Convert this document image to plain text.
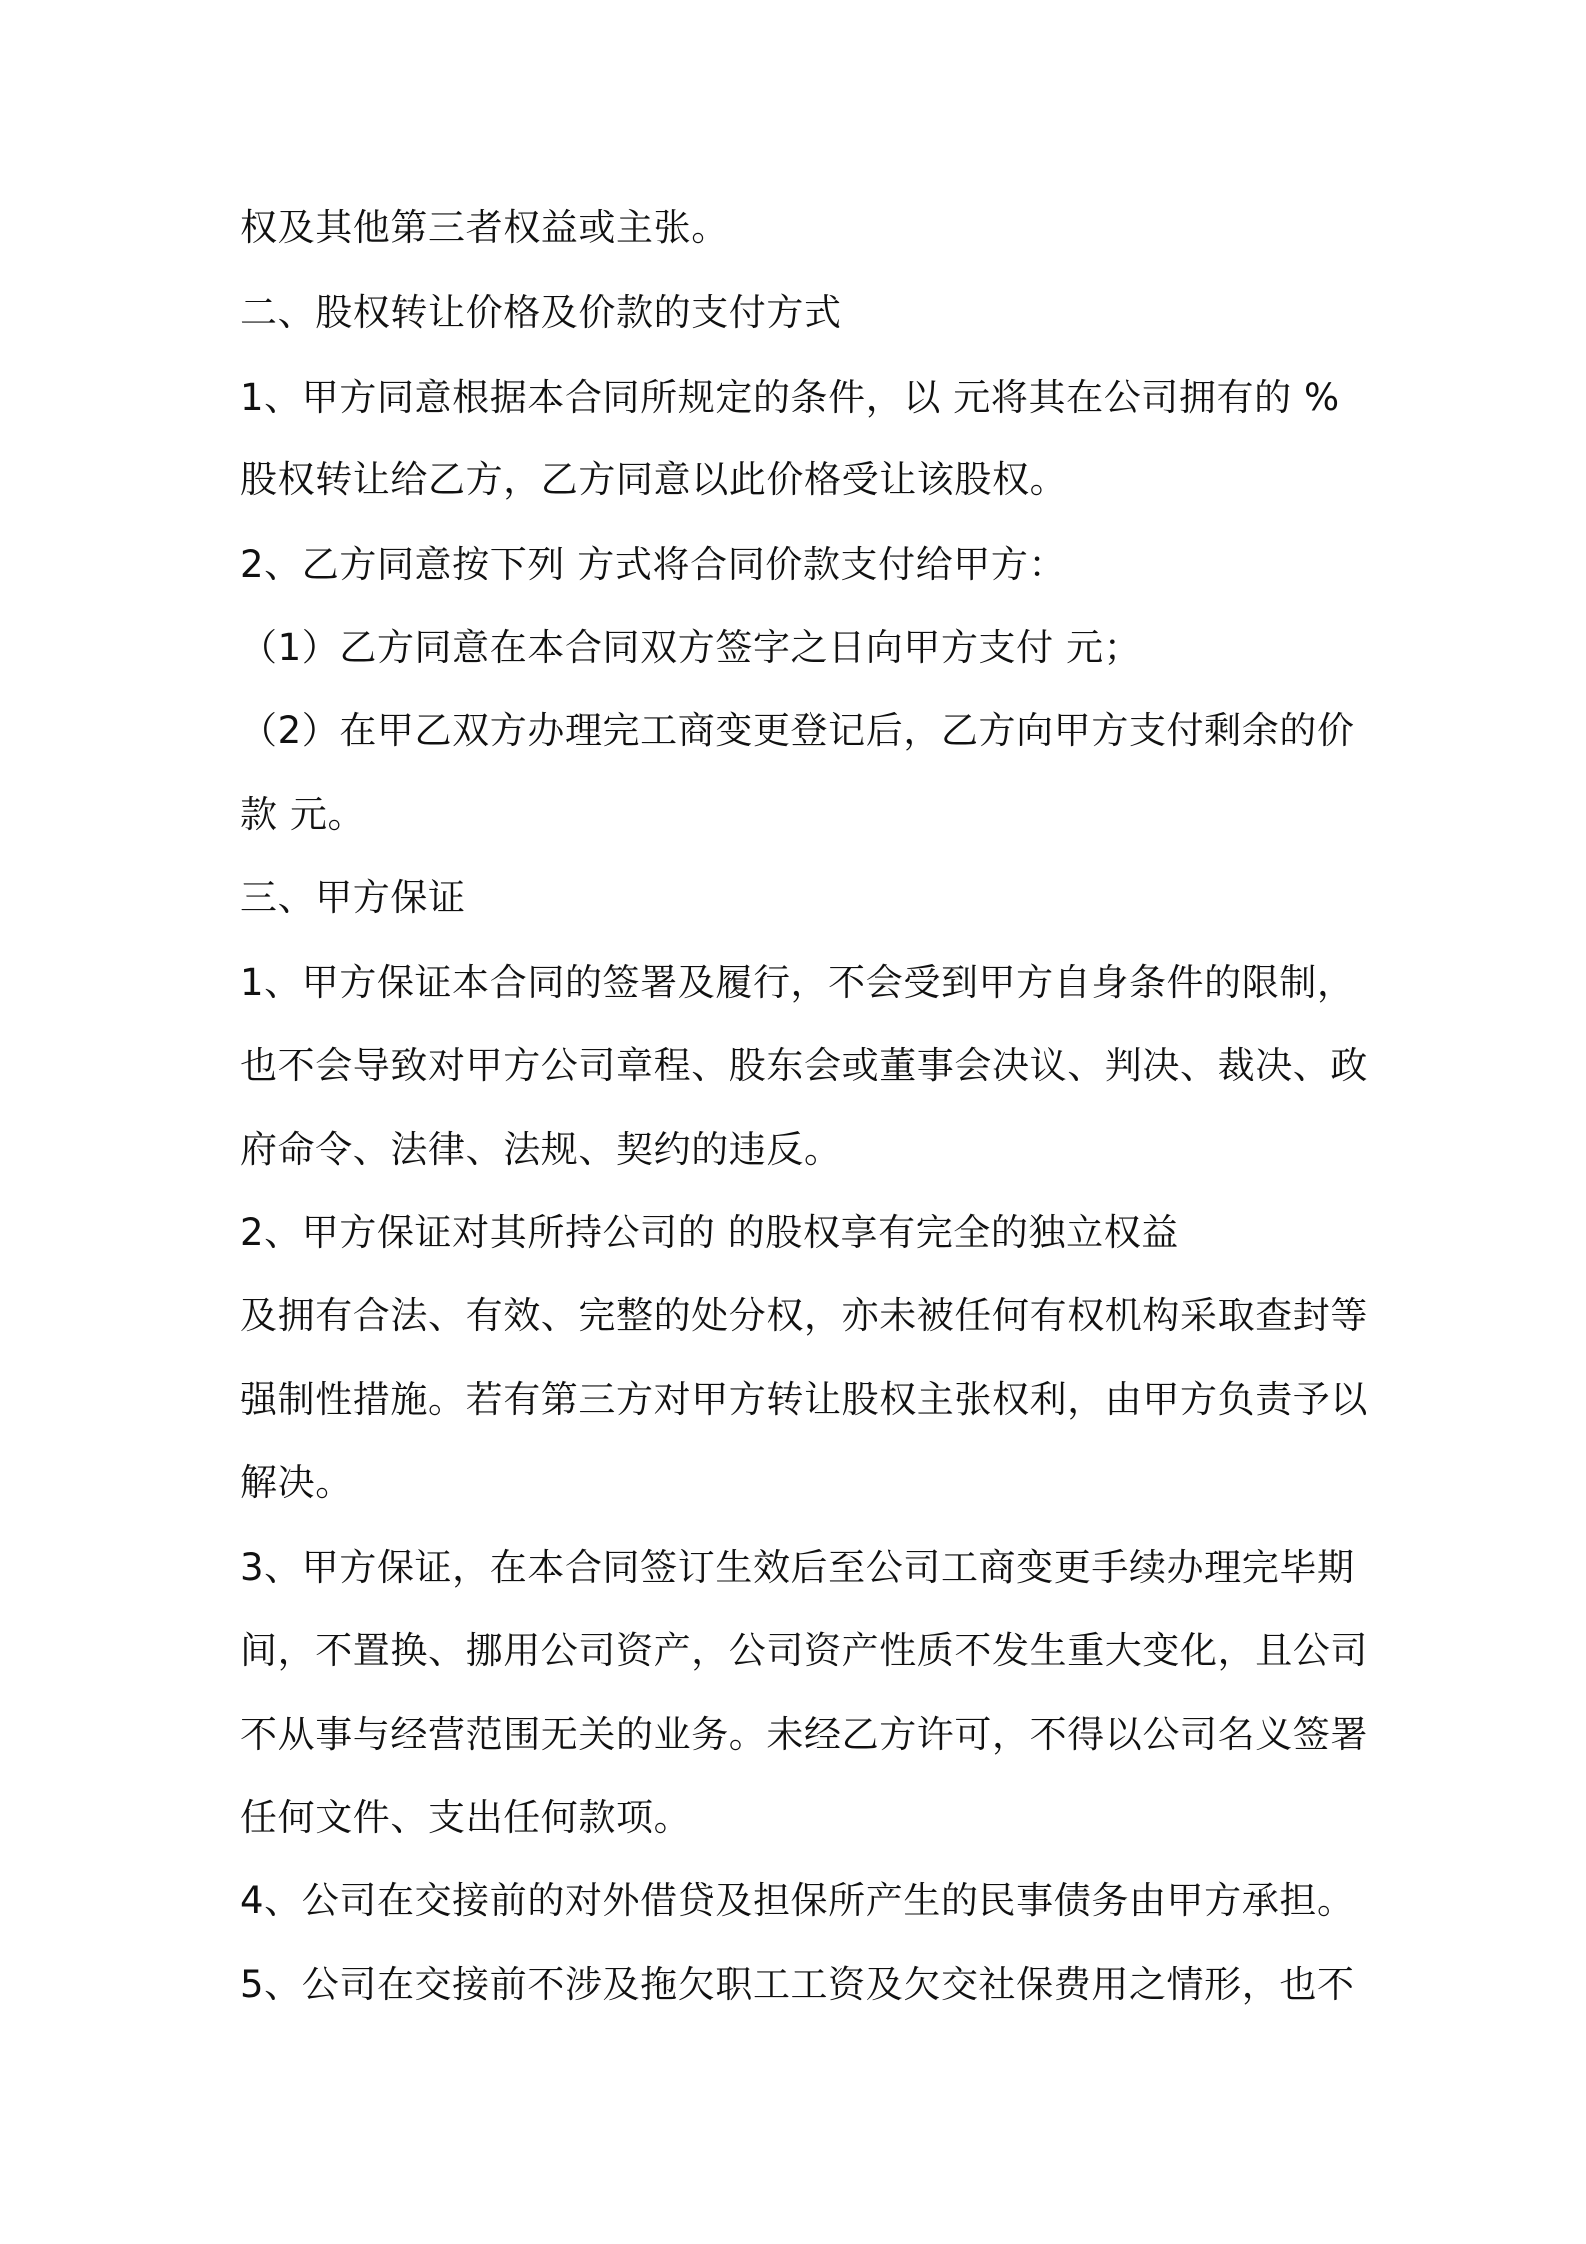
权及其他第三者权益或主张。
二、股权转让价格及价款的支付方式
1、甲方同意根据本合同所规定的条件，以 元将其在公司拥有的 %
股权转让给乙方，乙方同意以此价格受让该股权。
2、乙方同意按下列 方式将合同价款支付给甲方：
（1）乙方同意在本合同双方签字之日向甲方支付 元；
（2）在甲乙双方办理完工商变更登记后，乙方向甲方支付剩余的价
款 元。
三、甲方保证
1、甲方保证本合同的签署及履行，不会受到甲方自身条件的限制，
也不会导致对甲方公司章程、股东会或董事会决议、判决、裁决、政
府命令、法律、法规、契约的违反。
2、甲方保证对其所持公司的 的股权享有完全的独立权益
及拥有合法、有效、完整的处分权，亦未被任何有权机构采取查封等
强制性措施。若有第三方对甲方转让股权主张权利，由甲方负责予以
解决。
3、甲方保证，在本合同签订生效后至公司工商变更手续办理完毕期
间，不置换、挪用公司资产，公司资产性质不发生重大变化，且公司
不从事与经营范围无关的业务。未经乙方许可，不得以公司名义签署
任何文件、支出任何款项。
4、公司在交接前的对外借贷及担保所产生的民事债务由甲方承担。
5、公司在交接前不涉及拖欠职工工资及欠交社保费用之情形，也不
